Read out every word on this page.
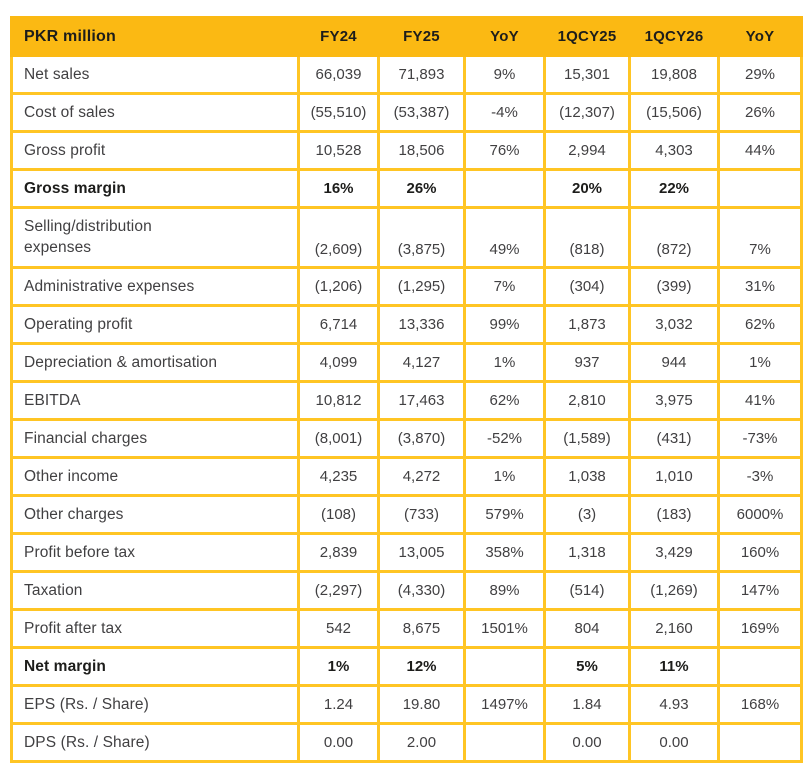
PKR million	FY24	FY25	YoY	1QCY25	1QCY26	YoY
Net sales	66,039	71,893	9%	15,301	19,808	29%
Cost of sales	(55,510)	(53,387)	-4%	(12,307)	(15,506)	26%
Gross profit	10,528	18,506	76%	2,994	4,303	44%
Gross margin	16%	26%		20%	22%	
Selling/distribution expenses	(2,609)	(3,875)	49%	(818)	(872)	7%
Administrative expenses	(1,206)	(1,295)	7%	(304)	(399)	31%
Operating profit	6,714	13,336	99%	1,873	3,032	62%
Depreciation & amortisation	4,099	4,127	1%	937	944	1%
EBITDA	10,812	17,463	62%	2,810	3,975	41%
Financial charges	(8,001)	(3,870)	-52%	(1,589)	(431)	-73%
Other income	4,235	4,272	1%	1,038	1,010	-3%
Other charges	(108)	(733)	579%	(3)	(183)	6000%
Profit before tax	2,839	13,005	358%	1,318	3,429	160%
Taxation	(2,297)	(4,330)	89%	(514)	(1,269)	147%
Profit after tax	542	8,675	1501%	804	2,160	169%
Net margin	1%	12%		5%	11%	
EPS (Rs. / Share)	1.24	19.80	1497%	1.84	4.93	168%
DPS (Rs. / Share)	0.00	2.00		0.00	0.00	
